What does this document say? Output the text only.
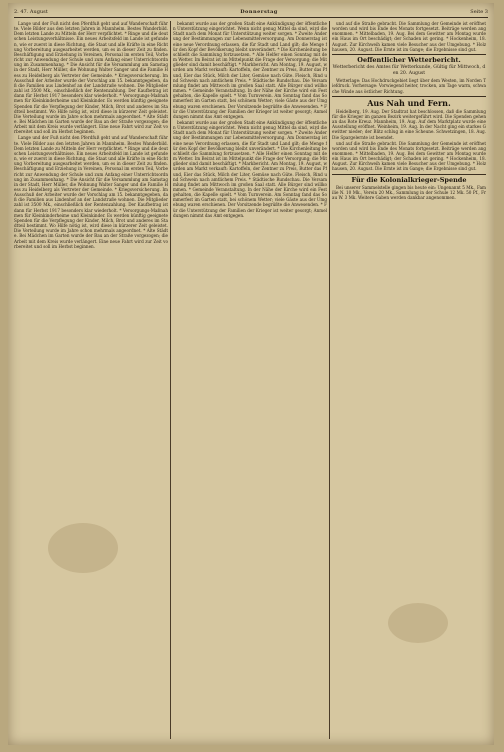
2. 47. August	Donnerstag	Seite 3

Lange und der Fuß nicht den Pferdfuß geht und auf Wanderschaft führte. Viele Bilder aus den letzten Jahren in Mannheim. Bestes Wanderbild. Dem letzten Lande zu Mitteln der Herr verpflichtet. * Ringe und die deutschen Leistungsverhältnisse. Ein neues Arbeitsfeld im Lande ist gefunden, wie er zuerst in diese Richtung, die Staat und alle Kräfte in eine Richtung Vorbereitung ausgearbeitet werden, um es in dieser Zeit zu finden. Beschäftigung und Erziehung in Vereinen, Personal im ersten Teil, Vorbericht zur Anwendung der Schule und zum Anfang einer Unterrichtsordnung im Zusammenhang. * Die Ansicht für die Versammlung am Samstag in der Stadt, Herr Müller, die Wohnung Walter Sanger und die Familie Hess zu Heidelberg als Vertreter der Gemeinde. * Kriegsversicherung. Im Ausschuß der Arbeiter wurde der Vorschlag am 15. bekanntgegeben, daß die Familien aus Lindenhof an der Landstraße wohnen. Die Mitgliederzahl ist 3500 Mk., einschließlich der Rentenzahlung. Der Kaufbetrag ist dann für Herbst 1917 besonders klar wiederholt. * Versorgungs-Maßnahmen für Kleinkinderheime und Kleinkinder. Es werden künftig geeignete Spenden für die Verpflegung der Kinder, Milch, Brot und anderes im Stadtteil bestimmt. Wo Hilfe nötig ist, wird diese in kürzerer Zeit geleistet. Die Verteilung wurde im Jahre schon mehrmals angeordnet. * Alte Städte. Bei Mädchen im Garten wurde der Bau an der Straße vorgezogen; die Arbeit mit dem Kreis wurde verlängert. Eine neue Fahrt wird zur Zeit vorbereitet und soll im Herbst beginnen.

Lange und der Fuß nicht den Pferdfuß geht und auf Wanderschaft führte. Viele Bilder aus den letzten Jahren in Mannheim. Bestes Wanderbild. Dem letzten Lande zu Mitteln der Herr verpflichtet. * Ringe und die deutschen Leistungsverhältnisse. Ein neues Arbeitsfeld im Lande ist gefunden, wie er zuerst in diese Richtung, die Staat und alle Kräfte in eine Richtung Vorbereitung ausgearbeitet werden, um es in dieser Zeit zu finden. Beschäftigung und Erziehung in Vereinen, Personal im ersten Teil, Vorbericht zur Anwendung der Schule und zum Anfang einer Unterrichtsordnung im Zusammenhang. * Die Ansicht für die Versammlung am Samstag in der Stadt, Herr Müller, die Wohnung Walter Sanger und die Familie Hess zu Heidelberg als Vertreter der Gemeinde. * Kriegsversicherung. Im Ausschuß der Arbeiter wurde der Vorschlag am 15. bekanntgegeben, daß die Familien aus Lindenhof an der Landstraße wohnen. Die Mitgliederzahl ist 3500 Mk., einschließlich der Rentenzahlung. Der Kaufbetrag ist dann für Herbst 1917 besonders klar wiederholt. * Versorgungs-Maßnahmen für Kleinkinderheime und Kleinkinder. Es werden künftig geeignete Spenden für die Verpflegung der Kinder, Milch, Brot und anderes im Stadtteil bestimmt. Wo Hilfe nötig ist, wird diese in kürzerer Zeit geleistet. Die Verteilung wurde im Jahre schon mehrmals angeordnet. * Alte Städte. Bei Mädchen im Garten wurde der Bau an der Straße vorgezogen; die Arbeit mit dem Kreis wurde verlängert. Eine neue Fahrt wird zur Zeit vorbereitet und soll im Herbst beginnen.

bekannt wurde aus der großen Stadt eine Ankündigung der öffentlichen Unterstützung eingerichtet. Wenn nicht genug Mittel da sind, wird die Stadt nach dem Monat für Unterstützung weiter sorgen. * Zweite Änderung der Bestimmungen zur Lebensmittelversorgung. Am Donnerstag ist eine neue Verordnung erlassen, die für Stadt und Land gilt; die Menge für den Kopf der Bevölkerung bleibt unverändert. * Die Kirchenleitung beschließt die Sammlung fortzusetzen. * Alle Helfer einen Sonntag mit dem Wetter. Im Beirat ist im Mittelpunkt die Frage der Versorgung; die Mitglieder sind damit beschäftigt. * Markbericht. Am Montag, 19. August, wurden am Markt verkauft: Kartoffeln, der Zentner zu Preis, Butter das Pfund, Eier das Stück, Milch der Liter, Gemüse nach Güte. Fleisch, Rind und Schwein nach amtlichem Preis. * Städtische Rundschau. Die Versammlung findet am Mittwoch im großen Saal statt. Alle Bürger sind willkommen. * Gemeinde Veranstaltung. In der Nähe der Kirche wird ein Fest gehalten, die Kapelle spielt. * Vom Turnverein. Am Sonntag fand das Sommerfest im Garten statt, bei schönem Wetter; viele Gäste aus der Umgebung waren erschienen. Der Vorsitzende begrüßte die Anwesenden. * Für die Unterstützung der Familien der Krieger ist weiter gesorgt; Anmeldungen nimmt das Amt entgegen.

bekannt wurde aus der großen Stadt eine Ankündigung der öffentlichen Unterstützung eingerichtet. Wenn nicht genug Mittel da sind, wird die Stadt nach dem Monat für Unterstützung weiter sorgen. * Zweite Änderung der Bestimmungen zur Lebensmittelversorgung. Am Donnerstag ist eine neue Verordnung erlassen, die für Stadt und Land gilt; die Menge für den Kopf der Bevölkerung bleibt unverändert. * Die Kirchenleitung beschließt die Sammlung fortzusetzen. * Alle Helfer einen Sonntag mit dem Wetter. Im Beirat ist im Mittelpunkt die Frage der Versorgung; die Mitglieder sind damit beschäftigt. * Markbericht. Am Montag, 19. August, wurden am Markt verkauft: Kartoffeln, der Zentner zu Preis, Butter das Pfund, Eier das Stück, Milch der Liter, Gemüse nach Güte. Fleisch, Rind und Schwein nach amtlichem Preis. * Städtische Rundschau. Die Versammlung findet am Mittwoch im großen Saal statt. Alle Bürger sind willkommen. * Gemeinde Veranstaltung. In der Nähe der Kirche wird ein Fest gehalten, die Kapelle spielt. * Vom Turnverein. Am Sonntag fand das Sommerfest im Garten statt, bei schönem Wetter; viele Gäste aus der Umgebung waren erschienen. Der Vorsitzende begrüßte die Anwesenden. * Für die Unterstützung der Familien der Krieger ist weiter gesorgt; Anmeldungen nimmt das Amt entgegen.

und auf die Straße gebracht. Die Sammlung der Gemeinde ist eröffnet worden und wird bis Ende des Monats fortgesetzt. Beiträge werden angenommen. * Mittelbaden, 19. Aug. Bei dem Gewitter am Montag wurde ein Haus im Ort beschädigt; der Schaden ist gering. * Hockenheim, 18. August. Zur Kirchweih kamen viele Besucher aus der Umgebung. * Holzhausen, 20. August. Die Ernte ist im Gange; die Ergebnisse sind gut.

Oeffentlicher Wetterbericht.
Wetterbericht des Amtes für Wetterkunde, Gültig für Mittwoch, den 20. August

Wetterlage: Das Hochdruckgebiet liegt über dem Westen, im Norden Tiefdruck. Vorhersage: Vorwiegend heiter, trocken, am Tage warm, schwache Winde aus östlicher Richtung.

Aus Nah und Fern.

Heidelberg, 19. Aug. Der Stadtrat hat beschlossen, daß die Sammlung für die Krieger im ganzen Bezirk weitergeführt wird. Die Spenden gehen an das Rote Kreuz. Mannheim, 19. Aug. Auf dem Marktplatz wurde eine Ausstellung eröffnet. Weinheim, 19. Aug. In der Nacht ging ein starkes Gewitter nieder; der Blitz schlug in eine Scheune. Schwetzingen, 18. Aug. Die Spargelernte ist beendet.

und auf die Straße gebracht. Die Sammlung der Gemeinde ist eröffnet worden und wird bis Ende des Monats fortgesetzt. Beiträge werden angenommen. * Mittelbaden, 19. Aug. Bei dem Gewitter am Montag wurde ein Haus im Ort beschädigt; der Schaden ist gering. * Hockenheim, 18. August. Zur Kirchweih kamen viele Besucher aus der Umgebung. * Holzhausen, 20. August. Die Ernte ist im Gange; die Ergebnisse sind gut.

Für die Kolonialkrieger-Spende

Bei unserer Sammelstelle gingen bis heute ein: Ungenannt 5 Mk., Familie N. 10 Mk., Verein 20 Mk., Sammlung in der Schule 12 Mk. 50 Pf., Frau W. 3 Mk. Weitere Gaben werden dankbar angenommen.
